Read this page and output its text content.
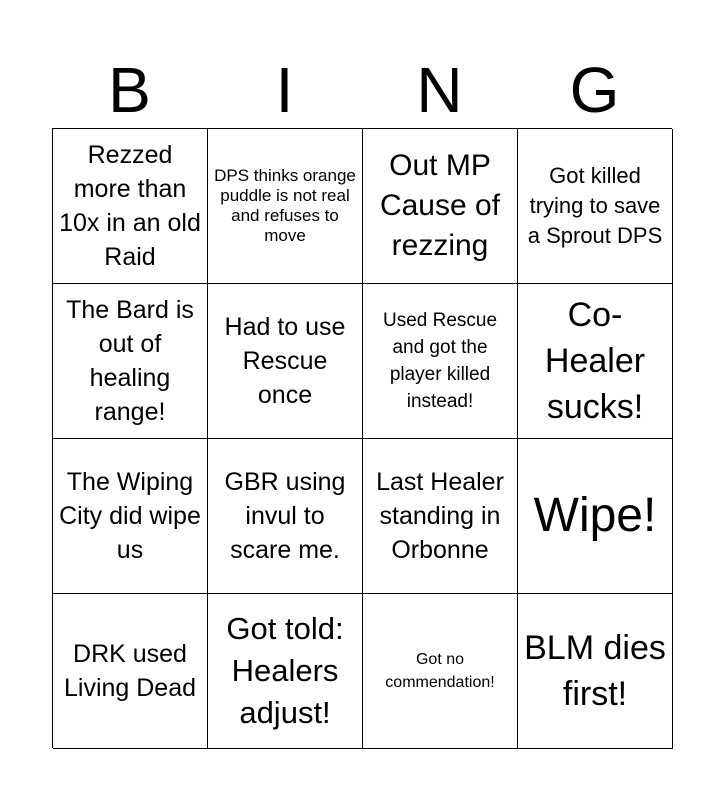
B	I	N	G
Rezzed more than 10x in an old Raid
DPS thinks orange puddle is not real and refuses to move
Out MP Cause of rezzing
Got killed trying to save a Sprout DPS
The Bard is out of healing range!
Had to use Rescue once
Used Rescue and got the player killed instead!
Co-Healer sucks!
The Wiping City did wipe us
GBR using invul to scare me.
Last Healer standing in Orbonne
Wipe!
DRK used Living Dead
Got told: Healers adjust!
Got no commendation!
BLM dies first!
